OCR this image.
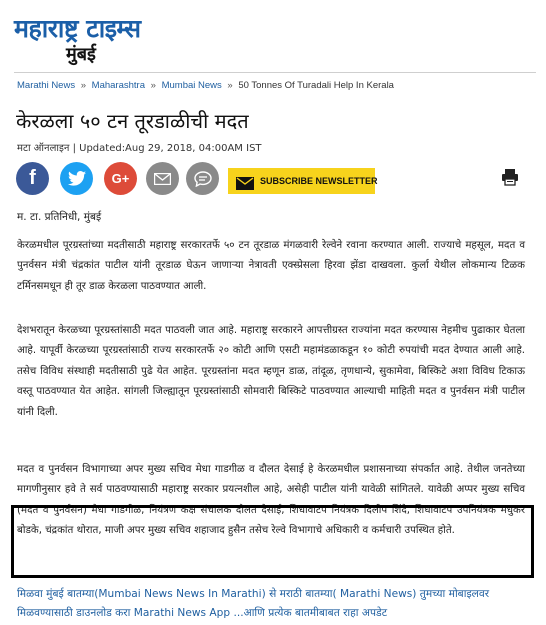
महाराष्ट्र टाइम्स
मुंबई
Marathi News » Maharashtra » Mumbai News » 50 Tonnes Of Turadali Help In Kerala
केरळला ५० टन तूरडाळीची मदत
मटा ऑनलाइन | Updated:Aug 29, 2018, 04:00AM IST
f	G+	SUBSCRIBE NEWSLETTER
म. टा. प्रतिनिधी, मुंबई

केरळमधील पूरग्रस्तांच्या मदतीसाठी महाराष्ट्र सरकारतर्फे ५० टन तूरडाळ मंगळवारी रेल्वेने रवाना करण्यात आली. राज्याचे महसूल, मदत व पुनर्वसन मंत्री चंद्रकांत पाटील यांनी तूरडाळ घेऊन जाणाऱ्या नेत्रावती एक्स्प्रेसला हिरवा झेंडा दाखवला. कुर्ला येथील लोकमान्य टिळक टर्मिनसमधून ही तूर डाळ केरळला पाठवण्यात आली.

देशभरातून केरळच्या पूरग्रस्तांसाठी मदत पाठवली जात आहे. महाराष्ट्र सरकारने आपत्तीग्रस्त राज्यांना मदत करण्यास नेहमीच पुढाकार घेतला आहे. यापूर्वी केरळच्या पूरग्रस्तांसाठी राज्य सरकारतर्फे २० कोटी आणि एसटी महामंडळाकडून १० कोटी रुपयांची मदत देण्यात आली आहे. तसेच विविध संस्थाही मदतीसाठी पुढे येत आहेत. पूरग्रस्तांना मदत म्हणून डाळ, तांदूळ, तृणधान्ये, सुकामेवा, बिस्किटे अशा विविध टिकाऊ वस्तू पाठवण्यात येत आहेत. सांगली जिल्ह्यातून पूरग्रस्तांसाठी सोमवारी बिस्किटे पाठवण्यात आल्याची माहिती मदत व पुनर्वसन मंत्री पाटील यांनी दिली.

मदत व पुनर्वसन विभागाच्या अपर मुख्य सचिव मेधा गाडगीळ व दौलत देसाई हे केरळमधील प्रशासनाच्या संपर्कात आहे. तेथील जनतेच्या मागणीनुसार हवे ते सर्व पाठवण्यासाठी महाराष्ट्र सरकार प्रयत्नशील आहे, असेही पाटील यांनी यावेळी सांगितले. यावेळी अप्पर मुख्य सचिव (मदत व पुनर्वसन) मेधा गाडगीळ, नियंत्रण कक्ष संचालक दौलत देसाई, शिधावाटप नियंत्रक दिलीप शिंदे, शिधावाटप उपनियंत्रक मधुकर बोडके, चंद्रकांत थोरात, माजी अपर मुख्य सचिव शहाजाद हुसैन तसेच रेल्वे विभागाचे अधिकारी व कर्मचारी उपस्थित होते.

मिळवा मुंबई बातम्या(Mumbai News News In Marathi) से मराठी बातम्या( Marathi News) तुमच्या मोबाइलवर मिळवण्यासाठी डाउनलोड करा Marathi News App ...आणि प्रत्येक बातमीबाबत राहा अपडेट
